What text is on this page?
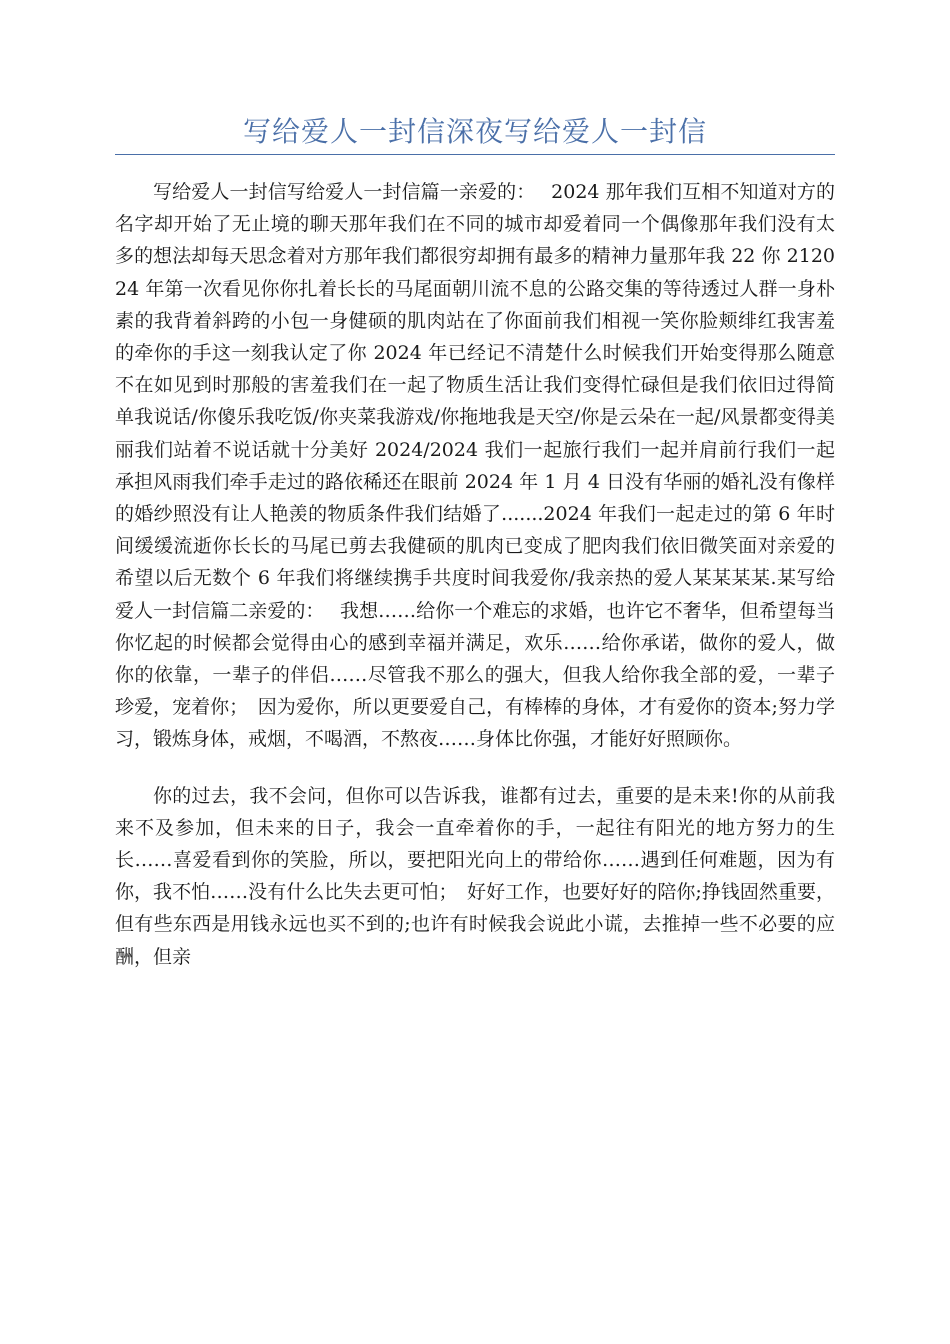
写给爱人一封信深夜写给爱人一封信

写给爱人一封信写给爱人一封信篇一亲爱的：　 2024 那年我们互相不知道对方的名字却开始了无止境的聊天那年我们在不同的城市却爱着同一个偶像那年我们没有太多的想法却每天思念着对方那年我们都很穷却拥有最多的精神力量那年我 22 你 212024 年第一次看见你你扎着长长的马尾面朝川流不息的公路交集的等待透过人群一身朴素的我背着斜跨的小包一身健硕的肌肉站在了你面前我们相视一笑你脸颊绯红我害羞的牵你的手这一刻我认定了你 2024 年已经记不清楚什么时候我们开始变得那么随意不在如见到时那般的害羞我们在一起了物质生活让我们变得忙碌但是我们依旧过得简单我说话/你傻乐我吃饭/你夹菜我游戏/你拖地我是天空/你是云朵在一起/风景都变得美丽我们站着不说话就十分美好 2024/2024 我们一起旅行我们一起并肩前行我们一起承担风雨我们牵手走过的路依稀还在眼前 2024 年 1 月 4 日没有华丽的婚礼没有像样的婚纱照没有让人艳羡的物质条件我们结婚了.......2024 年我们一起走过的第 6 年时间缓缓流逝你长长的马尾已剪去我健硕的肌肉已变成了肥肉我们依旧微笑面对亲爱的希望以后无数个 6 年我们将继续携手共度时间我爱你/我亲热的爱人某某某某.某写给爱人一封信篇二亲爱的：　 我想……给你一个难忘的求婚，也许它不奢华，但希望每当你忆起的时候都会觉得由心的感到幸福并满足，欢乐……给你承诺，做你的爱人，做你的依靠，一辈子的伴侣……尽管我不那么的强大，但我人给你我全部的爱，一辈子珍爱，宠着你；　因为爱你，所以更要爱自己，有棒棒的身体，才有爱你的资本;努力学习，锻炼身体，戒烟，不喝酒，不熬夜……身体比你强，才能好好照顾你。

你的过去，我不会问，但你可以告诉我，谁都有过去，重要的是未来!你的从前我来不及参加，但未来的日子，我会一直牵着你的手，一起往有阳光的地方努力的生长……喜爱看到你的笑脸，所以，要把阳光向上的带给你……遇到任何难题，因为有你，我不怕……没有什么比失去更可怕；　好好工作，也要好好的陪你;挣钱固然重要，但有些东西是用钱永远也买不到的;也许有时候我会说此小谎，去推掉一些不必要的应酬，但亲
